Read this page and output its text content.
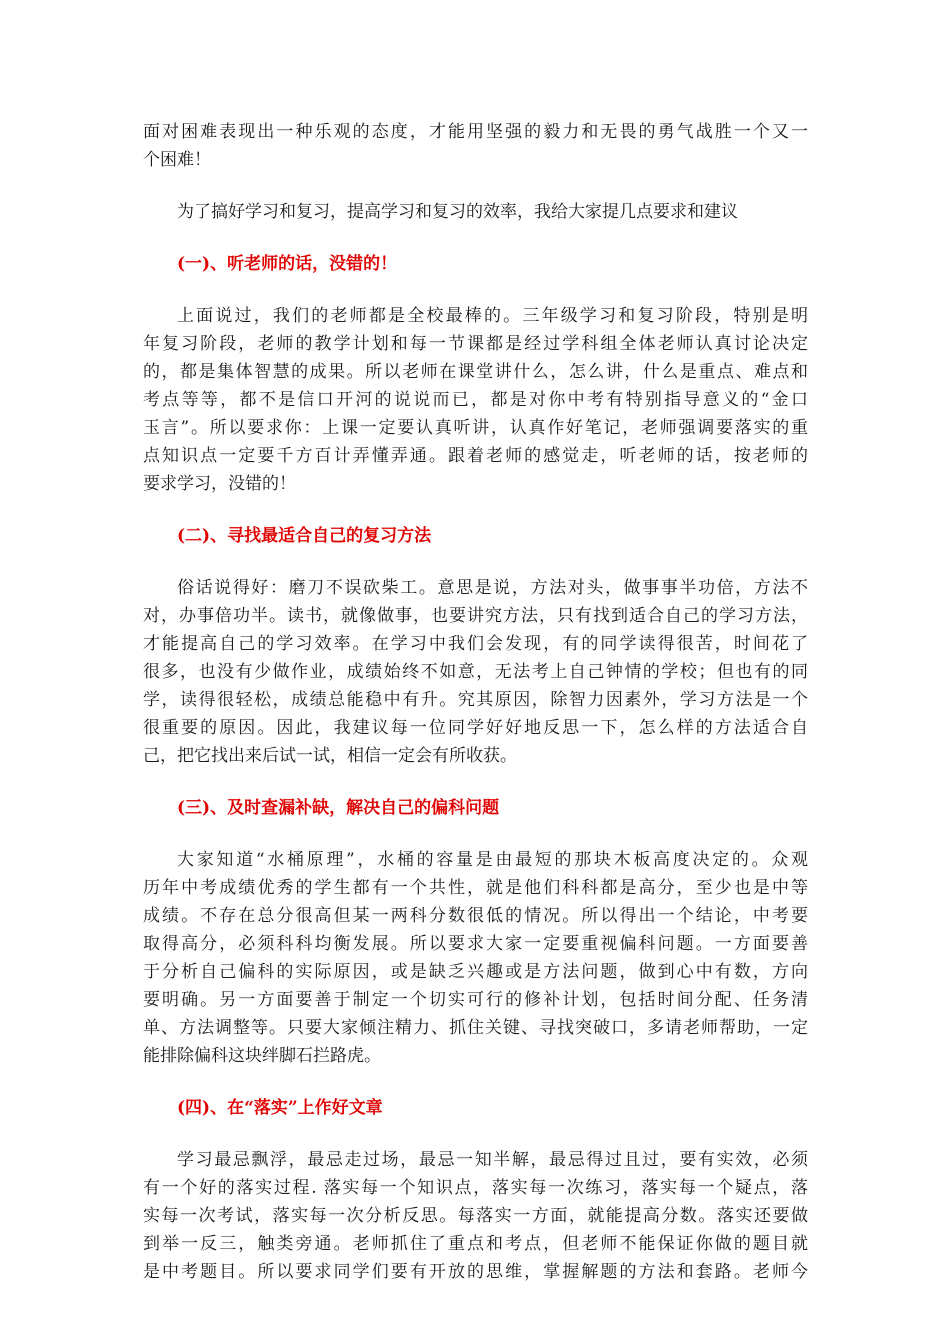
面对困难表现出一种乐观的态度，才能用坚强的毅力和无畏的勇气战胜一个又一
个困难！
为了搞好学习和复习，提高学习和复习的效率，我给大家提几点要求和建议
(一)、听老师的话，没错的！
上面说过，我们的老师都是全校最棒的。三年级学习和复习阶段，特别是明
年复习阶段，老师的教学计划和每一节课都是经过学科组全体老师认真讨论决定
的，都是集体智慧的成果。所以老师在课堂讲什么，怎么讲，什么是重点、难点和
考点等等，都不是信口开河的说说而已，都是对你中考有特别指导意义的“金口
玉言”。所以要求你：上课一定要认真听讲，认真作好笔记，老师强调要落实的重
点知识点一定要千方百计弄懂弄通。跟着老师的感觉走，听老师的话，按老师的
要求学习，没错的！
(二)、寻找最适合自己的复习方法
俗话说得好：磨刀不误砍柴工。意思是说，方法对头，做事事半功倍，方法不
对，办事倍功半。读书，就像做事，也要讲究方法，只有找到适合自己的学习方法，
才能提高自己的学习效率。在学习中我们会发现，有的同学读得很苦，时间花了
很多，也没有少做作业，成绩始终不如意，无法考上自己钟情的学校；但也有的同
学，读得很轻松，成绩总能稳中有升。究其原因，除智力因素外，学习方法是一个
很重要的原因。因此，我建议每一位同学好好地反思一下，怎么样的方法适合自
己，把它找出来后试一试，相信一定会有所收获。
(三)、及时查漏补缺，解决自己的偏科问题
大家知道“水桶原理”，水桶的容量是由最短的那块木板高度决定的。众观
历年中考成绩优秀的学生都有一个共性，就是他们科科都是高分，至少也是中等
成绩。不存在总分很高但某一两科分数很低的情况。所以得出一个结论，中考要
取得高分，必须科科均衡发展。所以要求大家一定要重视偏科问题。一方面要善
于分析自己偏科的实际原因，或是缺乏兴趣或是方法问题，做到心中有数，方向
要明确。另一方面要善于制定一个切实可行的修补计划，包括时间分配、任务清
单、方法调整等。只要大家倾注精力、抓住关键、寻找突破口，多请老师帮助，一定
能排除偏科这块绊脚石拦路虎。
(四)、在“落实”上作好文章
学习最忌飘浮，最忌走过场，最忌一知半解，最忌得过且过，要有实效，必须
有一个好的落实过程. 落实每一个知识点，落实每一次练习，落实每一个疑点，落
实每一次考试，落实每一次分析反思。每落实一方面，就能提高分数。落实还要做
到举一反三，触类旁通。老师抓住了重点和考点，但老师不能保证你做的题目就
是中考题目。所以要求同学们要有开放的思维，掌握解题的方法和套路。老师今
